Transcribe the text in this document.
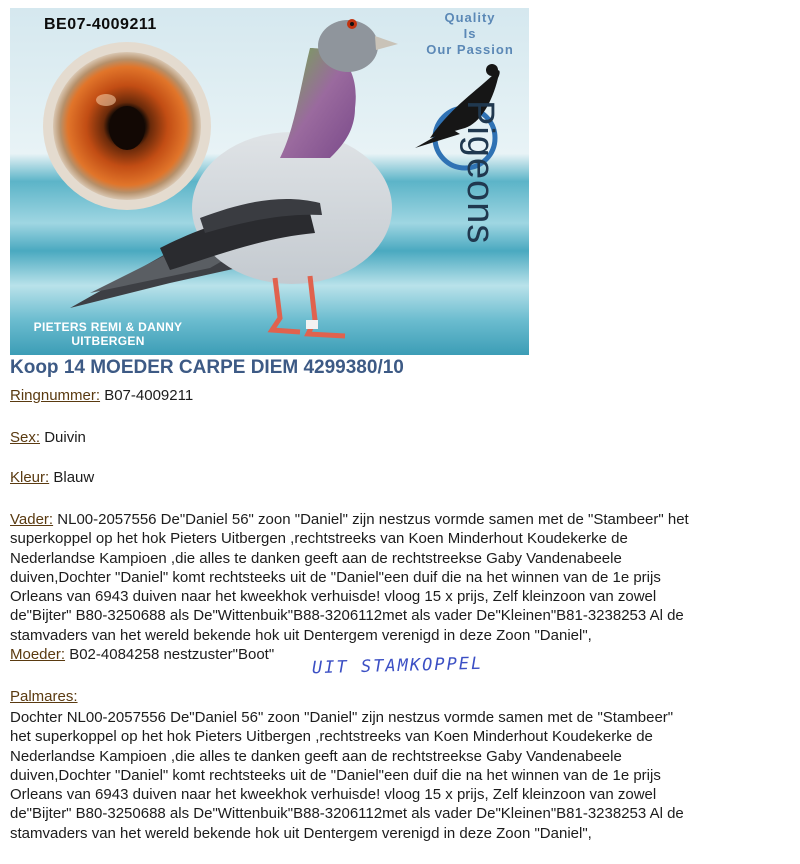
BE07-4009211
PIETERS REMI & DANNY
UITBERGEN
Quality
Is
Our Passion
Pigeons
Koop 14 MOEDER CARPE DIEM 4299380/10
Ringnummer: B07-4009211
Sex: Duivin
Kleur: Blauw
Vader: NL00-2057556 De"Daniel 56" zoon "Daniel" zijn nestzus vormde samen met de "Stambeer" het
superkoppel op het hok Pieters Uitbergen ,rechtstreeks van Koen Minderhout Koudekerke de
Nederlandse Kampioen ,die alles te danken geeft aan de rechtstreekse Gaby Vandenabeele
duiven,Dochter "Daniel" komt rechtsteeks uit de "Daniel"een duif die na het winnen van de 1e prijs
Orleans van 6943 duiven naar het kweekhok verhuisde! vloog 15 x prijs, Zelf kleinzoon van zowel
de"Bijter" B80-3250688 als De"Wittenbuik"B88-3206112met als vader De"Kleinen"B81-3238253 Al de
stamvaders van het wereld bekende hok uit Dentergem verenigd in deze Zoon "Daniel",
Moeder: B02-4084258 nestzuster"Boot"	UIT STAMKOPPEL
Palmares:
Dochter NL00-2057556 De"Daniel 56" zoon "Daniel" zijn nestzus vormde samen met de "Stambeer"
het superkoppel op het hok Pieters Uitbergen ,rechtstreeks van Koen Minderhout Koudekerke de
Nederlandse Kampioen ,die alles te danken geeft aan de rechtstreekse Gaby Vandenabeele
duiven,Dochter "Daniel" komt rechtsteeks uit de "Daniel"een duif die na het winnen van de 1e prijs
Orleans van 6943 duiven naar het kweekhok verhuisde! vloog 15 x prijs, Zelf kleinzoon van zowel
de"Bijter" B80-3250688 als De"Wittenbuik"B88-3206112met als vader De"Kleinen"B81-3238253 Al de
stamvaders van het wereld bekende hok uit Dentergem verenigd in deze Zoon "Daniel",
